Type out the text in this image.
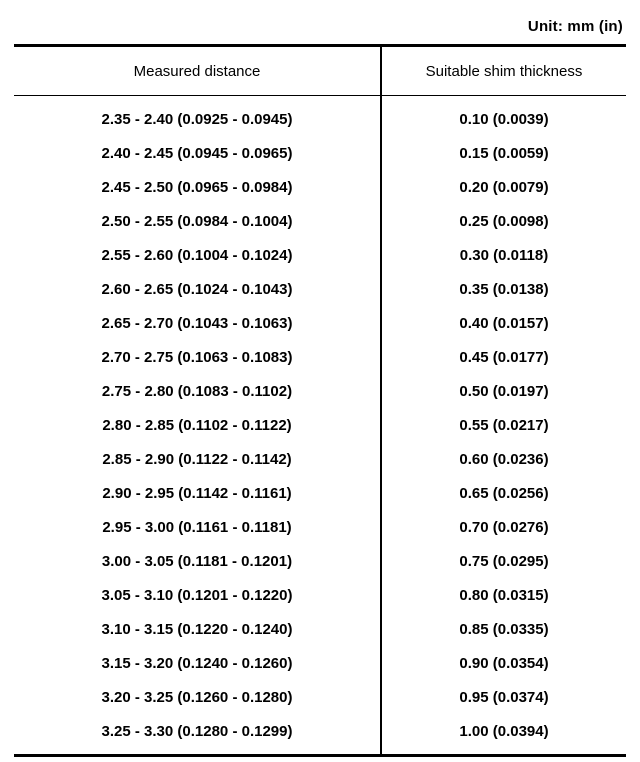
Unit: mm (in)
Measured distance	Suitable shim thickness
2.35 - 2.40 (0.0925 - 0.0945)	0.10 (0.0039)
2.40 - 2.45 (0.0945 - 0.0965)	0.15 (0.0059)
2.45 - 2.50 (0.0965 - 0.0984)	0.20 (0.0079)
2.50 - 2.55 (0.0984 - 0.1004)	0.25 (0.0098)
2.55 - 2.60 (0.1004 - 0.1024)	0.30 (0.0118)
2.60 - 2.65 (0.1024 - 0.1043)	0.35 (0.0138)
2.65 - 2.70 (0.1043 - 0.1063)	0.40 (0.0157)
2.70 - 2.75 (0.1063 - 0.1083)	0.45 (0.0177)
2.75 - 2.80 (0.1083 - 0.1102)	0.50 (0.0197)
2.80 - 2.85 (0.1102 - 0.1122)	0.55 (0.0217)
2.85 - 2.90 (0.1122 - 0.1142)	0.60 (0.0236)
2.90 - 2.95 (0.1142 - 0.1161)	0.65 (0.0256)
2.95 - 3.00 (0.1161 - 0.1181)	0.70 (0.0276)
3.00 - 3.05 (0.1181 - 0.1201)	0.75 (0.0295)
3.05 - 3.10 (0.1201 - 0.1220)	0.80 (0.0315)
3.10 - 3.15 (0.1220 - 0.1240)	0.85 (0.0335)
3.15 - 3.20 (0.1240 - 0.1260)	0.90 (0.0354)
3.20 - 3.25 (0.1260 - 0.1280)	0.95 (0.0374)
3.25 - 3.30 (0.1280 - 0.1299)	1.00 (0.0394)
